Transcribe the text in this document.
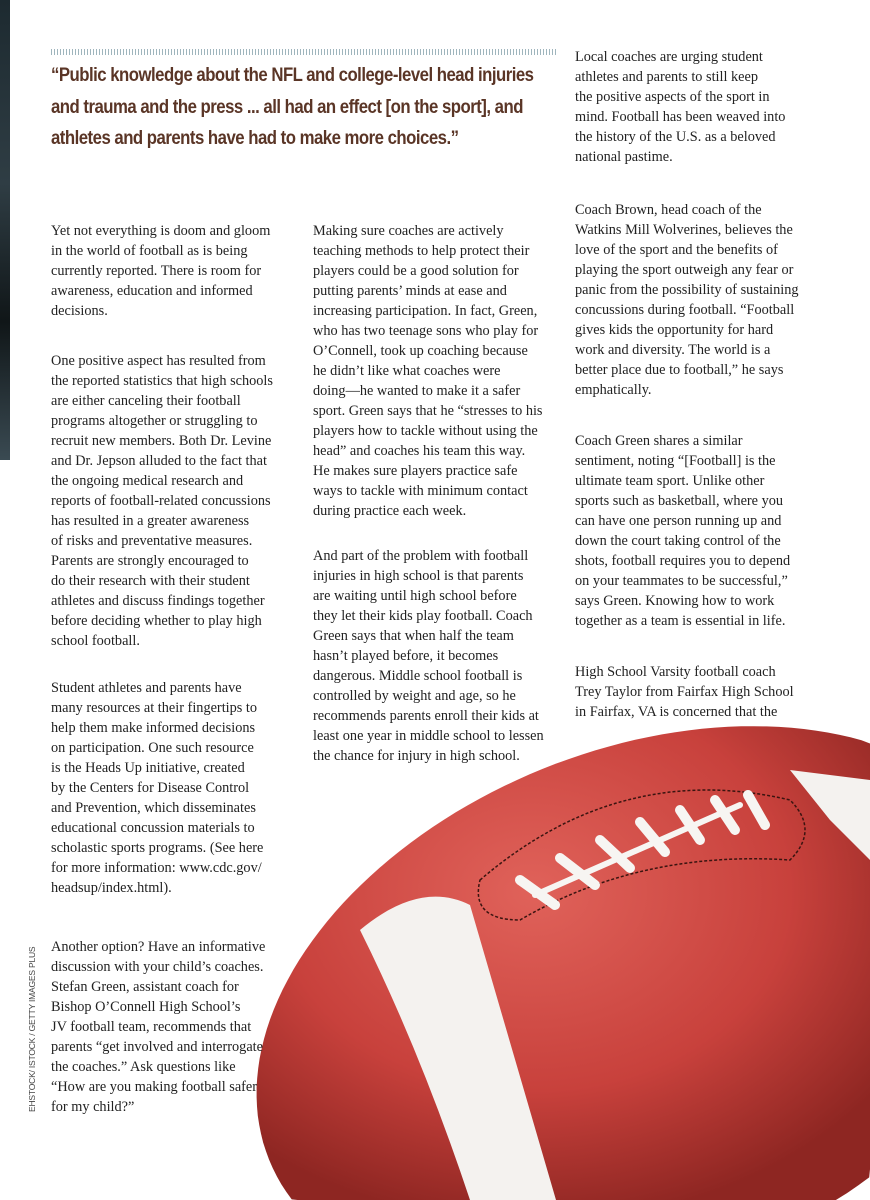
“Public knowledge about the NFL and college-level head injuries
and trauma and the press ... all had an effect [on the sport], and
athletes and parents have had to make more choices.”
Yet not everything is doom and gloom
in the world of football as is being
currently reported. There is room for
awareness, education and informed
decisions.
One positive aspect has resulted from
the reported statistics that high schools
are either canceling their football
programs altogether or struggling to
recruit new members. Both Dr. Levine
and Dr. Jepson alluded to the fact that
the ongoing medical research and
reports of football-related concussions
has resulted in a greater awareness
of risks and preventative measures.
Parents are strongly encouraged to
do their research with their student
athletes and discuss findings together
before deciding whether to play high
school football.
Student athletes and parents have
many resources at their fingertips to
help them make informed decisions
on participation. One such resource
is the Heads Up initiative, created
by the Centers for Disease Control
and Prevention, which disseminates
educational concussion materials to
scholastic sports programs. (See here
for more information: www.cdc.gov/
headsup/index.html).
Another option? Have an informative
discussion with your child’s coaches.
Stefan Green, assistant coach for
Bishop O’Connell High School’s
JV football team, recommends that
parents “get involved and interrogate
the coaches.” Ask questions like
“How are you making football safer
for my child?”
Making sure coaches are actively
teaching methods to help protect their
players could be a good solution for
putting parents’ minds at ease and
increasing participation. In fact, Green,
who has two teenage sons who play for
O’Connell, took up coaching because
he didn’t like what coaches were
doing—he wanted to make it a safer
sport. Green says that he “stresses to his
players how to tackle without using the
head” and coaches his team this way.
He makes sure players practice safe
ways to tackle with minimum contact
during practice each week.
And part of the problem with football
injuries in high school is that parents
are waiting until high school before
they let their kids play football. Coach
Green says that when half the team
hasn’t played before, it becomes
dangerous. Middle school football is
controlled by weight and age, so he
recommends parents enroll their kids at
least one year in middle school to lessen
the chance for injury in high school.
Local coaches are urging student
athletes and parents to still keep
the positive aspects of the sport in
mind. Football has been weaved into
the history of the U.S. as a beloved
national pastime.
Coach Brown, head coach of the
Watkins Mill Wolverines, believes the
love of the sport and the benefits of
playing the sport outweigh any fear or
panic from the possibility of sustaining
concussions during football. “Football
gives kids the opportunity for hard
work and diversity. The world is a
better place due to football,” he says
emphatically.
Coach Green shares a similar
sentiment, noting “[Football] is the
ultimate team sport. Unlike other
sports such as basketball, where you
can have one person running up and
down the court taking control of the
shots, football requires you to depend
on your teammates to be successful,”
says Green. Knowing how to work
together as a team is essential in life.
High School Varsity football coach
Trey Taylor from Fairfax High School
in Fairfax, VA is concerned that the
EHSTOCK/ ISTOCK / GETTY IMAGES PLUS
